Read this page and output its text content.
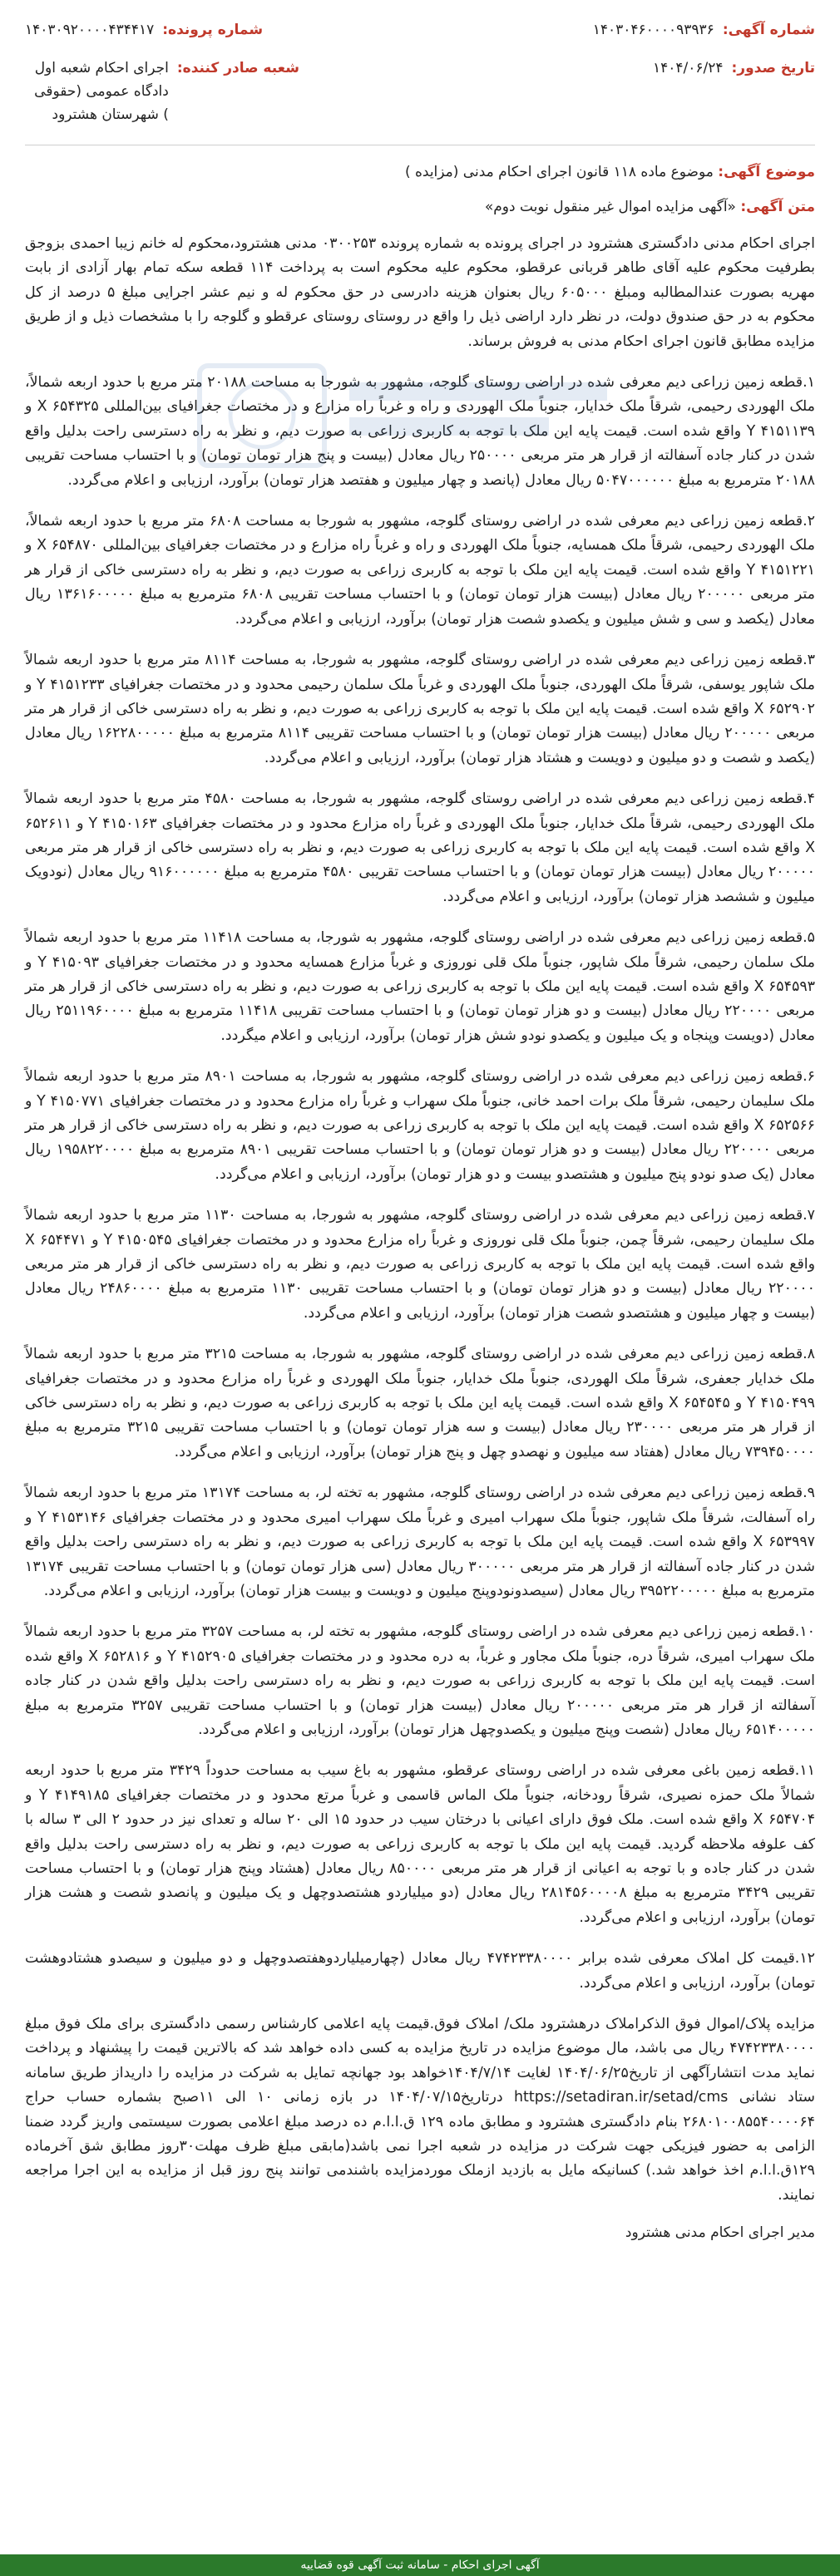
شماره آگهی:
۱۴۰۳۰۴۶۰۰۰۰۹۳۹۳۶
شماره پرونده:
۱۴۰۳۰۹۲۰۰۰۰۴۳۴۴۱۷
تاریخ صدور:
۱۴۰۴/۰۶/۲۴
شعبه صادر کننده:
اجرای احکام شعبه اول دادگاه عمومی (حقوقی ) شهرستان هشترود
موضوع آگهی: موضوع ماده ۱۱۸ قانون اجرای احکام مدنی (مزایده )
متن آگهی: «آگهی مزایده اموال غیر منقول نوبت دوم»

اجرای احکام مدنی دادگستری هشترود در اجرای پرونده به شماره پرونده ۰۳۰۰۲۵۳ مدنی هشترود،محکوم له خانم زیبا احمدی بزوجق بطرفیت محکوم علیه آقای طاهر قربانی عرقطو، محکوم علیه محکوم است به پرداخت ۱۱۴ قطعه سکه تمام بهار آزادی از بابت مهریه بصورت عندالمطالبه ومبلغ ۶۰۵۰۰۰ ریال بعنوان هزینه دادرسی در حق محکوم له و نیم عشر اجرایی مبلغ ۵ درصد از کل محکوم به در حق صندوق دولت، در نظر دارد اراضی ذیل را واقع در روستای روستای عرقطو و گلوجه را با مشخصات ذیل و از طریق مزایده مطابق قانون اجرای احکام مدنی به فروش برساند.

۱.قطعه زمین زراعی دیم معرفی شده در اراضی روستای گلوجه، مشهور به شورجا به مساحت ۲۰۱۸۸ متر مربع با حدود اربعه شمالاً، ملک الهوردی رحیمی، شرقاً ملک خدایار، جنوباً ملک الهوردی و راه و غرباً راه مزارع و در مختصات جغرافیای بین‌المللی ۶۵۴۳۲۵ X و ۴۱۵۱۱۳۹ Y واقع شده است. قیمت پایه این ملک با توجه به کاربری زراعی به صورت دیم، و نظر به راه دسترسی راحت بدلیل واقع شدن در کنار جاده آسفالته از قرار هر متر مربعی ۲۵۰۰۰۰ ریال معادل (بیست و پنج هزار تومان تومان) و با احتساب مساحت تقریبی ۲۰۱۸۸ مترمربع به مبلغ ۵۰۴۷۰۰۰۰۰۰ ریال معادل (پانصد و چهار میلیون و هفتصد هزار تومان) برآورد، ارزیابی و اعلام می‌گردد.

۲.قطعه زمین زراعی دیم معرفی شده در اراضی روستای گلوجه، مشهور به شورجا به مساحت ۶۸۰۸ متر مربع با حدود اربعه شمالاً، ملک الهوردی رحیمی، شرقاً ملک همسایه، جنوباً ملک الهوردی و راه و غرباً راه مزارع و در مختصات جغرافیای بین‌المللی ۶۵۴۸۷۰ X و ۴۱۵۱۲۲۱ Y واقع شده است. قیمت پایه این ملک با توجه به کاربری زراعی به صورت دیم، و نظر به راه دسترسی خاکی از قرار هر متر مربعی ۲۰۰۰۰۰ ریال معادل (بیست هزار تومان تومان) و با احتساب مساحت تقریبی ۶۸۰۸ مترمربع به مبلغ ۱۳۶۱۶۰۰۰۰۰ ریال معادل (یکصد و سی و شش میلیون و یکصدو شصت هزار تومان) برآورد، ارزیابی و اعلام می‌گردد.

۳.قطعه زمین زراعی دیم معرفی شده در اراضی روستای گلوجه، مشهور به شورجا، به مساحت ۸۱۱۴ متر مربع با حدود اربعه شمالاً ملک شاپور یوسفی، شرقاً ملک الهوردی، جنوباً ملک الهوردی و غرباً ملک سلمان رحیمی محدود و در مختصات جغرافیای ۴۱۵۱۲۳۳ Y و ۶۵۲۹۰۲ X واقع شده است. قیمت پایه این ملک با توجه به کاربری زراعی به صورت دیم، و نظر به راه دسترسی خاکی از قرار هر متر مربعی ۲۰۰۰۰۰ ریال معادل (بیست هزار تومان تومان) و با احتساب مساحت تقریبی ۸۱۱۴ مترمربع به مبلغ ۱۶۲۲۸۰۰۰۰۰ ریال معادل (یکصد و شصت و دو میلیون و دویست و هشتاد هزار تومان) برآورد، ارزیابی و اعلام می‌گردد.

۴.قطعه زمین زراعی دیم معرفی شده در اراضی روستای گلوجه، مشهور به شورجا، به مساحت ۴۵۸۰ متر مربع با حدود اربعه شمالاً ملک الهوردی رحیمی، شرقاً ملک خدایار، جنوباً ملک الهوردی و غرباً راه مزارع محدود و در مختصات جغرافیای ۴۱۵۰۱۶۳ Y و ۶۵۲۶۱۱ X واقع شده است. قیمت پایه این ملک با توجه به کاربری زراعی به صورت دیم، و نظر به راه دسترسی خاکی از قرار هر متر مربعی ۲۰۰۰۰۰ ریال معادل (بیست هزار تومان تومان) و با احتساب مساحت تقریبی ۴۵۸۰ مترمربع به مبلغ ۹۱۶۰۰۰۰۰۰ ریال معادل (نودویک میلیون و ششصد هزار تومان) برآورد، ارزیابی و اعلام می‌گردد.

۵.قطعه زمین زراعی دیم معرفی شده در اراضی روستای گلوجه، مشهور به شورجا، به مساحت ۱۱۴۱۸ متر مربع با حدود اربعه شمالاً ملک سلمان رحیمی، شرقاً ملک شاپور، جنوباً ملک قلی نوروزی و غرباً مزارع همسایه محدود و در مختصات جغرافیای ۴۱۵۰۹۳ Y و ۶۵۴۵۹۳ X واقع شده است. قیمت پایه این ملک با توجه به کاربری زراعی به صورت دیم، و نظر به راه دسترسی خاکی از قرار هر متر مربعی ۲۲۰۰۰۰ ریال معادل (بیست و دو هزار تومان تومان) و با احتساب مساحت تقریبی ۱۱۴۱۸ مترمربع به مبلغ ۲۵۱۱۹۶۰۰۰۰ ریال معادل (دویست وپنجاه و یک میلیون و یکصدو نودو شش هزار تومان) برآورد، ارزیابی و اعلام میگردد.

۶.قطعه زمین زراعی دیم معرفی شده در اراضی روستای گلوجه، مشهور به شورجا، به مساحت ۸۹۰۱ متر مربع با حدود اربعه شمالاً ملک سلیمان رحیمی، شرقاً ملک برات احمد خانی، جنوباً ملک سهراب و غرباً راه مزارع محدود و در مختصات جغرافیای ۴۱۵۰۷۷۱ Y و ۶۵۲۵۶۶ X واقع شده است. قیمت پایه این ملک با توجه به کاربری زراعی به صورت دیم، و نظر به راه دسترسی خاکی از قرار هر متر مربعی ۲۲۰۰۰۰ ریال معادل (بیست و دو هزار تومان تومان) و با احتساب مساحت تقریبی ۸۹۰۱ مترمربع به مبلغ ۱۹۵۸۲۲۰۰۰۰ ریال معادل (یک صدو نودو پنج میلیون و هشتصدو بیست و دو هزار تومان) برآورد، ارزیابی و اعلام می‌گردد.

۷.قطعه زمین زراعی دیم معرفی شده در اراضی روستای گلوجه، مشهور به شورجا، به مساحت ۱۱۳۰ متر مربع با حدود اربعه شمالاً ملک سلیمان رحیمی، شرقاً چمن، جنوباً ملک قلی نوروزی و غرباً راه مزارع محدود و در مختصات جغرافیای ۴۱۵۰۵۴۵ Y و ۶۵۴۴۷۱ X واقع شده است. قیمت پایه این ملک با توجه به کاربری زراعی به صورت دیم، و نظر به راه دسترسی خاکی از قرار هر متر مربعی ۲۲۰۰۰۰ ریال معادل (بیست و دو هزار تومان تومان) و با احتساب مساحت تقریبی ۱۱۳۰ مترمربع به مبلغ ۲۴۸۶۰۰۰۰ ریال معادل (بیست و چهار میلیون و هشتصدو شصت هزار تومان) برآورد، ارزیابی و اعلام می‌گردد.

۸.قطعه زمین زراعی دیم معرفی شده در اراضی روستای گلوجه، مشهور به شورجا، به مساحت ۳۲۱۵ متر مربع با حدود اربعه شمالاً ملک خدایار جعفری، شرقاً ملک الهوردی، جنوباً ملک خدایار، جنوباً ملک الهوردی و غرباً راه مزارع محدود و در مختصات جغرافیای ۴۱۵۰۴۹۹ Y و ۶۵۴۵۴۵ X واقع شده است. قیمت پایه این ملک با توجه به کاربری زراعی به صورت دیم، و نظر به راه دسترسی خاکی از قرار هر متر مربعی ۲۳۰۰۰۰ ریال معادل (بیست و سه هزار تومان تومان) و با احتساب مساحت تقریبی ۳۲۱۵ مترمربع به مبلغ ۷۳۹۴۵۰۰۰۰ ریال معادل (هفتاد سه میلیون و نهصدو چهل و پنج هزار تومان) برآورد، ارزیابی و اعلام می‌گردد.

۹.قطعه زمین زراعی دیم معرفی شده در اراضی روستای گلوجه، مشهور به تخته لر، به مساحت ۱۳۱۷۴ متر مربع با حدود اربعه شمالاً راه آسفالت، شرقاً ملک شاپور، جنوباً ملک سهراب امیری و غرباً ملک سهراب امیری محدود و در مختصات جغرافیای ۴۱۵۳۱۴۶ Y و ۶۵۳۹۹۷ X واقع شده است. قیمت پایه این ملک با توجه به کاربری زراعی به صورت دیم، و نظر به راه دسترسی راحت بدلیل واقع شدن در کنار جاده آسفالته از قرار هر متر مربعی ۳۰۰۰۰۰ ریال معادل (سی هزار تومان تومان) و با احتساب مساحت تقریبی ۱۳۱۷۴ مترمربع به مبلغ ۳۹۵۲۲۰۰۰۰۰ ریال معادل (سیصدونودوپنج میلیون و دویست و بیست هزار تومان) برآورد، ارزیابی و اعلام می‌گردد.

۱۰.قطعه زمین زراعی دیم معرفی شده در اراضی روستای گلوجه، مشهور به تخته لر، به مساحت ۳۲۵۷ متر مربع با حدود اربعه شمالاً ملک سهراب امیری، شرقاً دره، جنوباً ملک مجاور و غرباً، به دره محدود و در مختصات جغرافیای ۴۱۵۲۹۰۵ Y و ۶۵۲۸۱۶ X واقع شده است. قیمت پایه این ملک با توجه به کاربری زراعی به صورت دیم، و نظر به راه دسترسی راحت بدلیل واقع شدن در کنار جاده آسفالته از قرار هر متر مربعی ۲۰۰۰۰۰ ریال معادل (بیست هزار تومان) و با احتساب مساحت تقریبی ۳۲۵۷ مترمربع به مبلغ ۶۵۱۴۰۰۰۰۰ ریال معادل (شصت وپنج میلیون و یکصدوچهل هزار تومان) برآورد، ارزیابی و اعلام می‌گردد.

۱۱.قطعه زمین باغی معرفی شده در اراضی روستای عرقطو، مشهور به باغ سیب به مساحت حدوداً ۳۴۲۹ متر مربع با حدود اربعه شمالاً ملک حمزه نصیری، شرقاً رودخانه، جنوباً ملک الماس قاسمی و غرباً مرتع محدود و در مختصات جغرافیای ۴۱۴۹۱۸۵ Y و ۶۵۴۷۰۴ X واقع شده است. ملک فوق دارای اعیانی با درختان سیب در حدود ۱۵ الی ۲۰ ساله و تعدای نیز در حدود ۲ الی ۳ ساله با کف علوفه ملاحظه گردید. قیمت پایه این ملک با توجه به کاربری زراعی به صورت دیم، و نظر به راه دسترسی راحت بدلیل واقع شدن در کنار جاده و با توجه به اعیانی از قرار هر متر مربعی ۸۵۰۰۰۰ ریال معادل (هشتاد وپنج هزار تومان) و با احتساب مساحت تقریبی ۳۴۲۹ مترمربع به مبلغ ۲۸۱۴۵۶۰۰۰۰۸ ریال معادل (دو میلیاردو هشتصدوچهل و یک میلیون و پانصدو شصت و هشت هزار تومان) برآورد، ارزیابی و اعلام می‌گردد.

۱۲.قیمت کل املاک معرفی شده برابر ۴۷۴۲۳۳۸۰۰۰۰ ریال معادل (چهارمیلیاردوهفتصدوچهل و دو میلیون و سیصدو هشتادوهشت تومان) برآورد، ارزیابی و اعلام می‌گردد.

مزایده پلاک/اموال فوق الذکراملاک درهشترود ملک/ املاک فوق.قیمت پایه اعلامی کارشناس رسمی دادگستری برای ملک فوق مبلغ ۴۷۴۲۳۳۸۰۰۰۰ ریال می باشد، مال موضوع مزایده در تاریخ مزایده به کسی داده خواهد شد که بالاترین قیمت را پیشنهاد و پرداخت نماید مدت انتشارآگهی از تاریخ۱۴۰۴/۰۶/۲۵ لغایت ۱۴۰۴/۷/۱۴خواهد بود جهانچه تمایل به شرکت در مزایده را داریداز طریق سامانه ستاد نشانی https://setadiran.ir/setad/cms درتاریخ۱۴۰۴/۰۷/۱۵ در بازه زمانی ۱۰ الی ۱۱صبح بشماره حساب حراج ۲۶۸۰۱۰۰۸۵۵۴۰۰۰۰۶۴ بنام دادگستری هشترود و مطابق ماده ۱۲۹ ق.ا.ا.م ده درصد مبلغ اعلامی بصورت سیستمی واریز گردد ضمنا الزامی به حضور فیزیکی جهت شرکت در مزایده در شعبه اجرا نمی باشد(مابقی مبلغ ظرف مهلت۳۰روز مطابق شق آخرماده ۱۲۹ق.ا.ا.م اخذ خواهد شد.) کسانیکه مایل به بازدید ازملک موردمزایده باشندمی توانند پنج روز قبل از مزایده به این اجرا مراجعه نمایند.

مدیر اجرای احکام مدنی هشترود
آگهی اجرای احکام - سامانه ثبت آگهی قوه قضاییه
